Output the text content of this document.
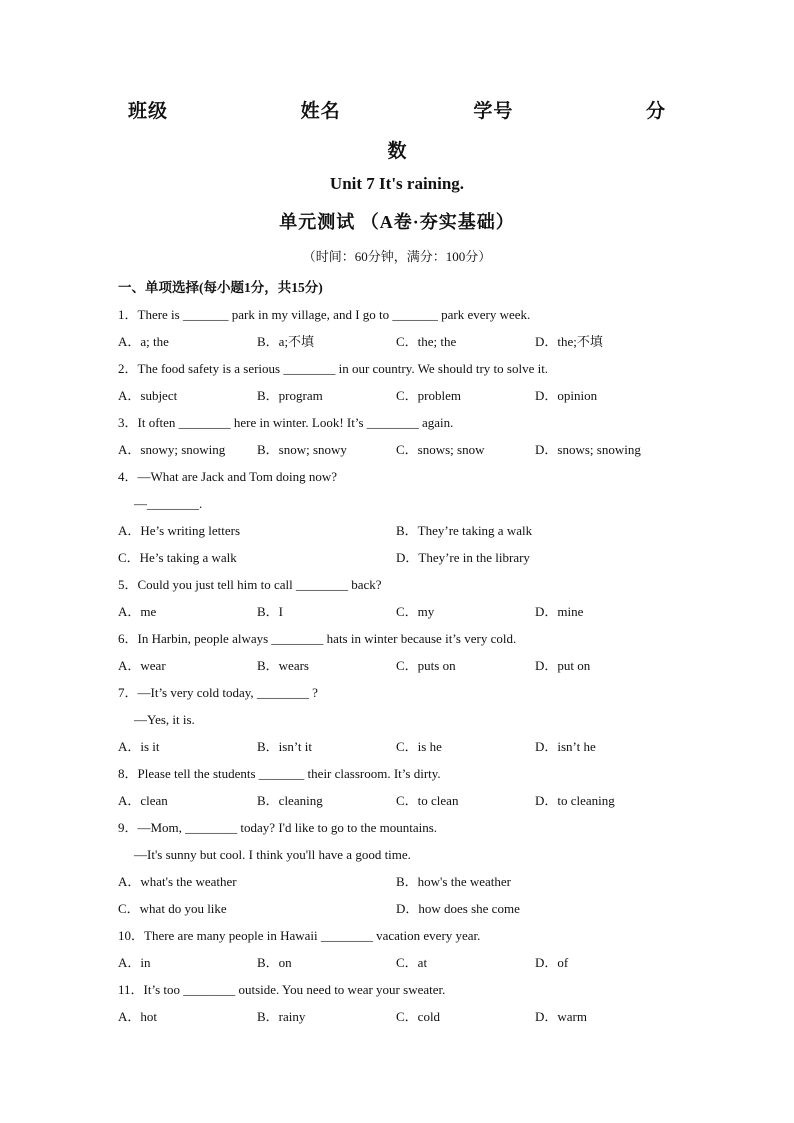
班级	姓名	学号	分
数
Unit 7 It's raining.
单元测试 （A卷·夯实基础）
（时间：60分钟，满分：100分）
一、单项选择(每小题1分，共15分)
1．There is _______ park in my village, and I go to _______ park every week.
A．a; the	B．a;不填	C．the; the	D．the;不填
2．The food safety is a serious ________ in our country. We should try to solve it.
A．subject	B．program	C．problem	D．opinion
3．It often ________ here in winter. Look! It’s ________ again.
A．snowy; snowing	B．snow; snowy	C．snows; snow	D．snows; snowing
4．—What are Jack and Tom doing now?
—________.
A．He’s writing letters	B．They’re taking a walk
C．He’s taking a walk	D．They’re in the library
5．Could you just tell him to call ________ back?
A．me	B．I	C．my	D．mine
6．In Harbin, people always ________ hats in winter because it’s very cold.
A．wear	B．wears	C．puts on	D．put on
7．—It’s very cold today, ________ ?
—Yes, it is.
A．is it	B．isn’t it	C．is he	D．isn’t he
8．Please tell the students _______ their classroom. It’s dirty.
A．clean	B．cleaning	C．to clean	D．to cleaning
9．—Mom, ________ today? I'd like to go to the mountains.
—It's sunny but cool. I think you'll have a good time.
A．what's the weather	B．how's the weather
C．what do you like	D．how does she come
10．There are many people in Hawaii ________ vacation every year.
A．in	B．on	C．at	D．of
11．It’s too ________ outside. You need to wear your sweater.
A．hot	B．rainy	C．cold	D．warm
